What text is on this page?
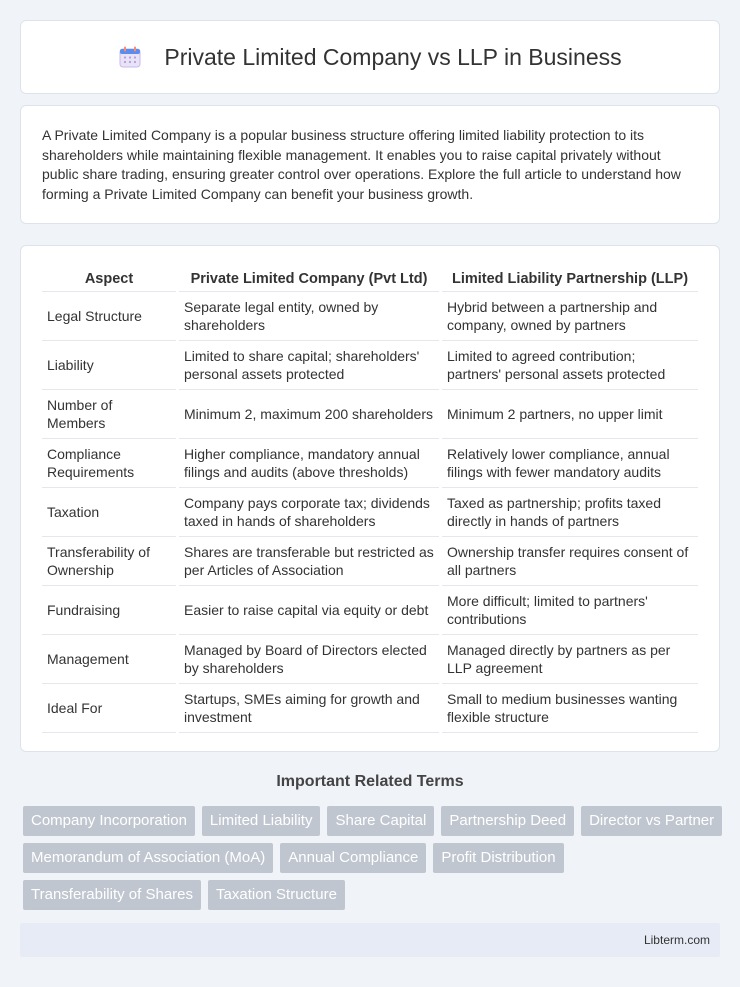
Private Limited Company vs LLP in Business

A Private Limited Company is a popular business structure offering limited liability protection to its shareholders while maintaining flexible management. It enables you to raise capital privately without public share trading, ensuring greater control over operations. Explore the full article to understand how forming a Private Limited Company can benefit your business growth.

Aspect	Private Limited Company (Pvt Ltd)	Limited Liability Partnership (LLP)
Legal Structure	Separate legal entity, owned by shareholders	Hybrid between a partnership and company, owned by partners
Liability	Limited to share capital; shareholders' personal assets protected	Limited to agreed contribution; partners' personal assets protected
Number of Members	Minimum 2, maximum 200 shareholders	Minimum 2 partners, no upper limit
Compliance Requirements	Higher compliance, mandatory annual filings and audits (above thresholds)	Relatively lower compliance, annual filings with fewer mandatory audits
Taxation	Company pays corporate tax; dividends taxed in hands of shareholders	Taxed as partnership; profits taxed directly in hands of partners
Transferability of Ownership	Shares are transferable but restricted as per Articles of Association	Ownership transfer requires consent of all partners
Fundraising	Easier to raise capital via equity or debt	More difficult; limited to partners' contributions
Management	Managed by Board of Directors elected by shareholders	Managed directly by partners as per LLP agreement
Ideal For	Startups, SMEs aiming for growth and investment	Small to medium businesses wanting flexible structure
Important Related Terms
Company Incorporation	Limited Liability	Share Capital	Partnership Deed	Director vs Partner
Memorandum of Association (MoA)	Annual Compliance	Profit Distribution
Transferability of Shares	Taxation Structure
Libterm.com
